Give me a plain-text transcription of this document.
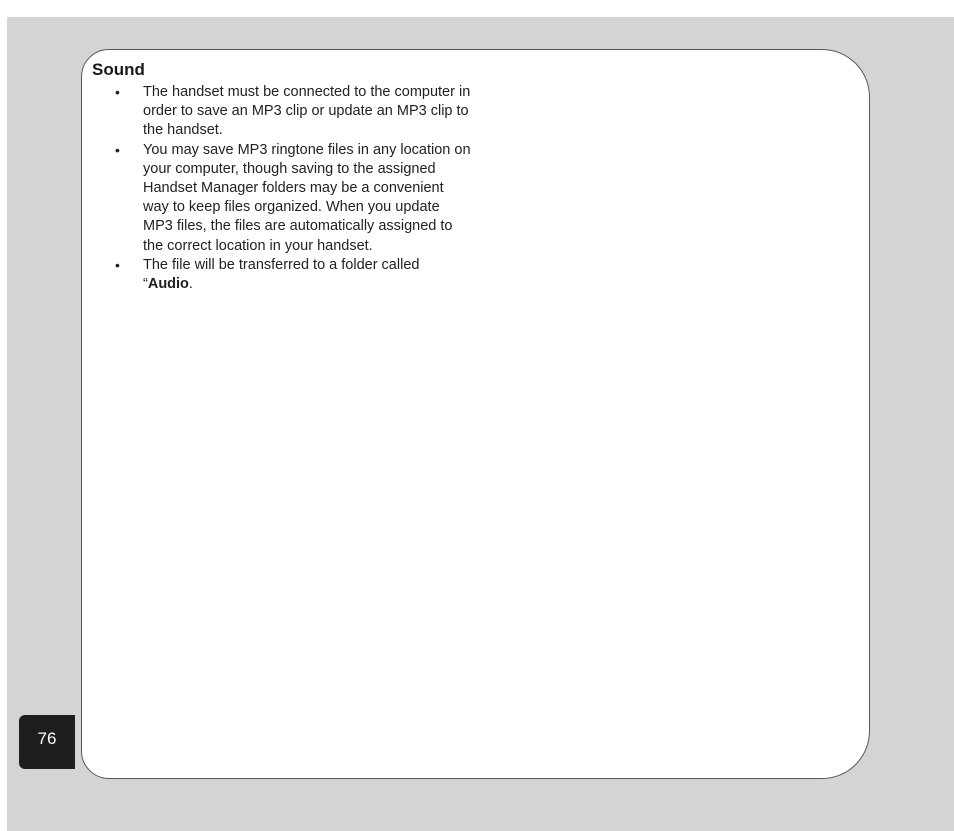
Sound
• The handset must be connected to the computer in order to save an MP3 clip or update an MP3 clip to the handset.
• You may save MP3 ringtone files in any location on your computer, though saving to the assigned Handset Manager folders may be a convenient way to keep files organized. When you update MP3 files, the files are automatically assigned to the correct location in your handset.
• The file will be transferred to a folder called “Audio.
76
